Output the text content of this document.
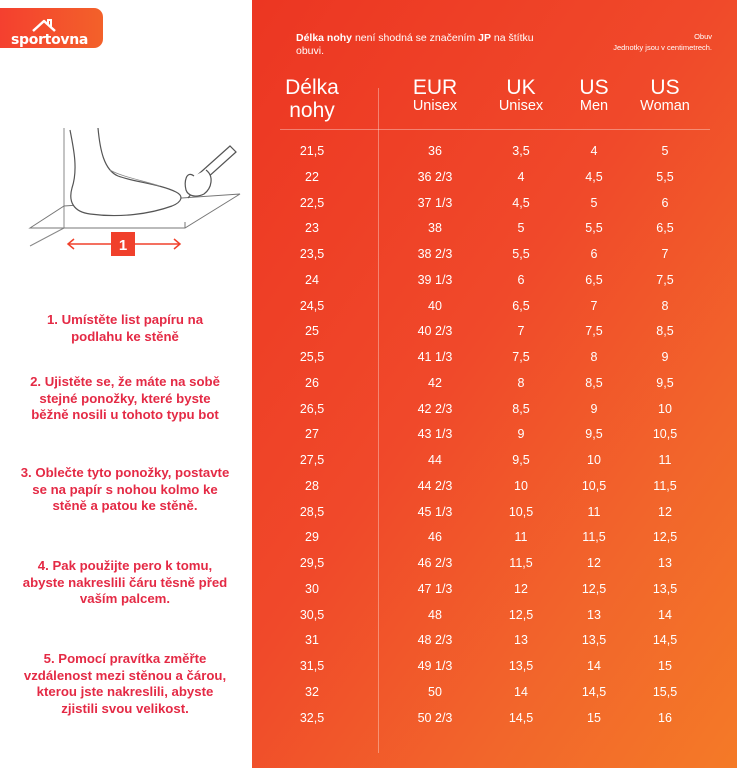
sportovna
1
1. Umístěte list papíru na podlahu ke stěně
2. Ujistěte se, že máte na sobě stejné ponožky, které byste běžně nosili u tohoto typu bot
3. Oblečte tyto ponožky, postavte se na papír s nohou kolmo ke stěně a patou ke stěně.
4. Pak použijte pero k tomu, abyste nakreslili čáru těsně před vaším palcem.
5. Pomocí pravítka změřte vzdálenost mezi stěnou a čárou, kterou jste nakreslili, abyste zjistili svou velikost.
Délka nohy není shodná se značením JP na štítku obuvi.
Obuv
Jednotky jsou v centimetrech.
Délka
nohy
EUR
Unisex
UK
Unisex
US
Men
US
Woman
21,5	36	3,5	4	5
22	36 2/3	4	4,5	5,5
22,5	37 1/3	4,5	5	6
23	38	5	5,5	6,5
23,5	38 2/3	5,5	6	7
24	39 1/3	6	6,5	7,5
24,5	40	6,5	7	8
25	40 2/3	7	7,5	8,5
25,5	41 1/3	7,5	8	9
26	42	8	8,5	9,5
26,5	42 2/3	8,5	9	10
27	43 1/3	9	9,5	10,5
27,5	44	9,5	10	11
28	44 2/3	10	10,5	11,5
28,5	45 1/3	10,5	11	12
29	46	11	11,5	12,5
29,5	46 2/3	11,5	12	13
30	47 1/3	12	12,5	13,5
30,5	48	12,5	13	14
31	48 2/3	13	13,5	14,5
31,5	49 1/3	13,5	14	15
32	50	14	14,5	15,5
32,5	50 2/3	14,5	15	16
